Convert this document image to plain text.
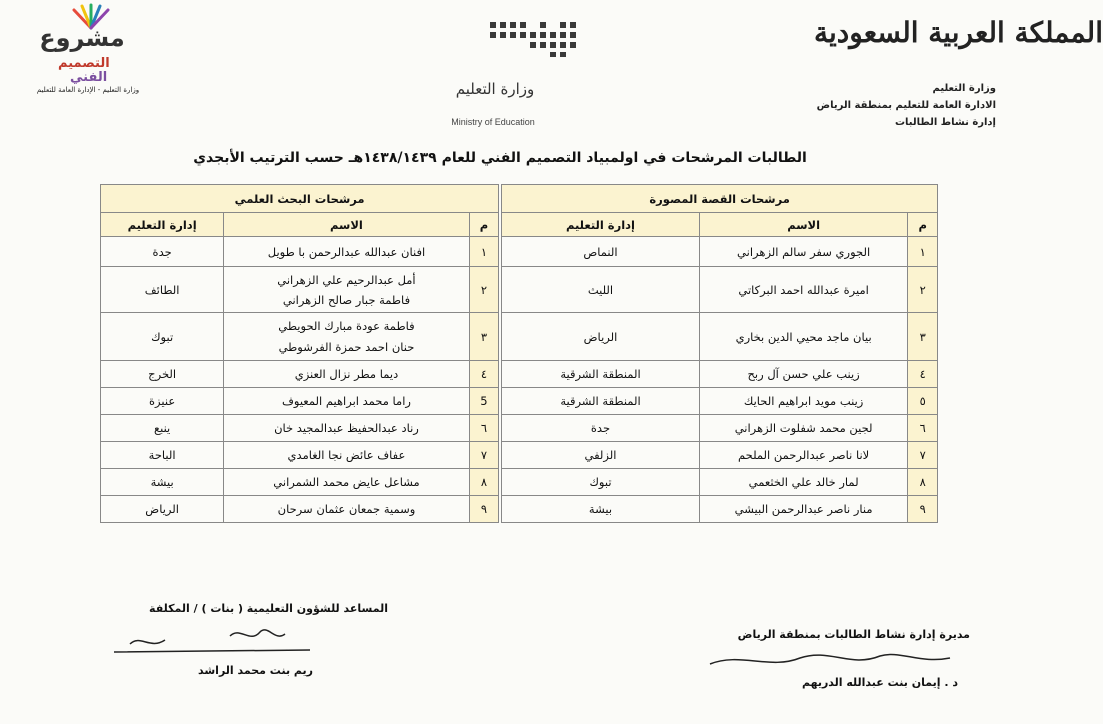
المملكة العربية السعودية
وزارة التعليم
الادارة العامة للتعليم بمنطقة الرياض
إدارة نشاط الطالبات
وزارة التعليم
Ministry of Education
مشروع
التصميم
الفني
وزارة التعليم - الإدارة العامة للتعليم
الطالبات المرشحات في اولمبياد التصميم الفني للعام ١٤٣٨/١٤٣٩هـ حسب الترتيب الأبجدي
مرشحات القصة المصورة				مرشحات البحث العلمي		
م	الاسم	إدارة التعليم		م	الاسم	إدارة التعليم
١	الجوري سفر سالم الزهراني	النماص		١	افنان عبدالله عبدالرحمن با طويل	جدة
٢	اميرة عبدالله احمد البركاتي	الليث		٢	أمل عبدالرحيم علي الزهراني
فاطمة جبار صالح الزهراني	الطائف
٣	بيان ماجد محيي الدين بخاري	الرياض		٣	فاطمة عودة مبارك الحويطي
حنان احمد حمزة الفرشوطي	تبوك
٤	زينب علي حسن آل ربح	المنطقة الشرقية		٤	ديما مطر نزال العنزي	الخرج
٥	زينب مويد ابراهيم الحايك	المنطقة الشرقية		5	راما محمد ابراهيم المعيوف	عنيزة
٦	لجين محمد شفلوت الزهراني	جدة		٦	رناد عبدالحفيظ عبدالمجيد خان	ينبع
٧	لانا ناصر عبدالرحمن الملحم	الزلفي		٧	عفاف عائض نجا الغامدي	الباحة
٨	لمار خالد علي الخثعمي	تبوك		٨	مشاعل عايض محمد الشمراني	بيشة
٩	منار ناصر عبدالرحمن البيشي	بيشة		٩	وسمية جمعان عثمان سرحان	الرياض
المساعد للشؤون التعليمية ( بنات ) / المكلفة
ريم بنت محمد الراشد
مديرة إدارة نشاط الطالبات بمنطقة الرياض
د . إيمان بنت عبدالله الدريهم
